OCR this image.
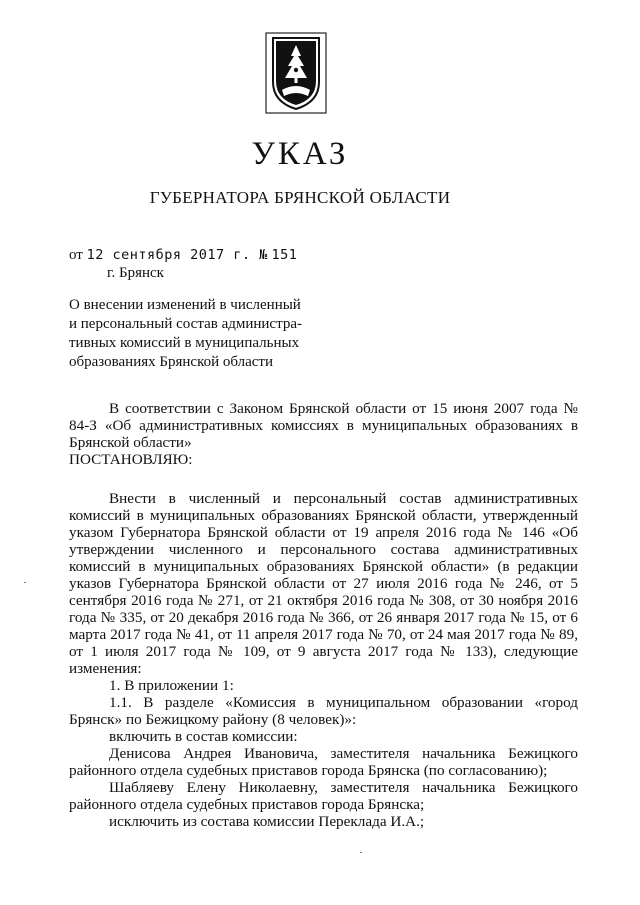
УКАЗ
ГУБЕРНАТОРА БРЯНСКОЙ ОБЛАСТИ
от 12 сентября 2017 г. № 151
г. Брянск
О внесении изменений в численный
и персональный состав администра-
тивных комиссий в муниципальных
образованиях Брянской области

В соответствии с Законом Брянской области от 15 июня 2007 года № 84-З «Об административных комиссиях в муниципальных образованиях в Брянской области»

ПОСТАНОВЛЯЮ:

Внести в численный и персональный состав административных комиссий в муниципальных образованиях Брянской области, утвержденный указом Губернатора Брянской области от 19 апреля 2016 года № 146 «Об утверждении численного и персонального состава административных комиссий в муниципальных образованиях Брянской области» (в редакции указов Губернатора Брянской области от 27 июля 2016 года № 246, от 5 сентября 2016 года № 271, от 21 октября 2016 года № 308, от 30 ноября 2016 года № 335, от 20 декабря 2016 года № 366, от 26 января 2017 года № 15, от 6 марта 2017 года № 41, от 11 апреля 2017 года № 70, от 24 мая 2017 года № 89, от 1 июля 2017 года № 109, от 9 августа 2017 года № 133), следующие изменения:

1. В приложении 1:

1.1. В разделе «Комиссия в муниципальном образовании «город Брянск» по Бежицкому району (8 человек)»:

включить в состав комиссии:

Денисова Андрея Ивановича, заместителя начальника Бежицкого районного отдела судебных приставов города Брянска (по согласованию);

Шабляеву Елену Николаевну, заместителя начальника Бежицкого районного отдела судебных приставов города Брянска;

исключить из состава комиссии Переклада И.А.;
